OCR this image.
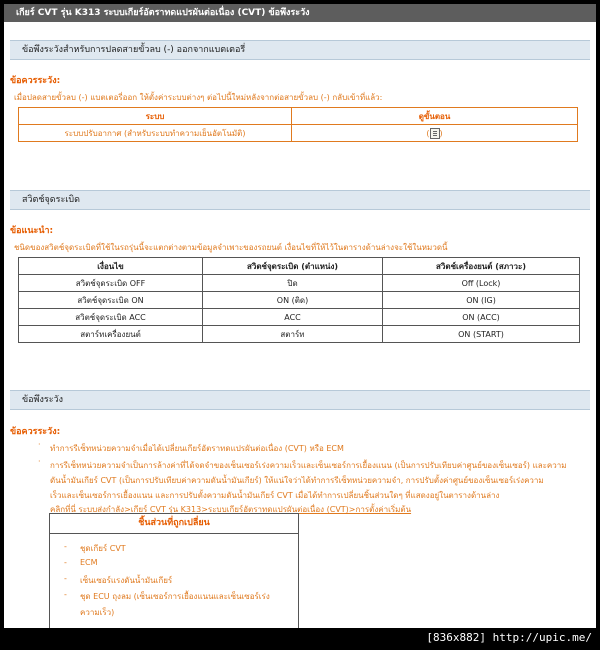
เกียร์ CVT รุ่น K313 ระบบเกียร์อัตราทดแปรผันต่อเนื่อง (CVT) ข้อพึงระวัง
ข้อพึงระวังสำหรับการปลดสายขั้วลบ (-) ออกจากแบตเตอรี่
ข้อควรระวัง:
เมื่อปลดสายขั้วลบ (-) แบตเตอรี่ออก ให้ตั้งค่าระบบต่างๆ ต่อไปนี้ใหม่หลังจากต่อสายขั้วลบ (-) กลับเข้าที่แล้ว:
ระบบ	ดูขั้นตอน
ระบบปรับอากาศ (สำหรับระบบทำความเย็นอัตโนมัติ)	( )
สวิตช์จุดระเบิด
ข้อแนะนำ:
ชนิดของสวิตช์จุดระเบิดที่ใช้ในรถรุ่นนี้จะแตกต่างตามข้อมูลจำเพาะของรถยนต์ เงื่อนไขที่ให้ไว้ในตารางด้านล่างจะใช้ในหมวดนี้
เงื่อนไข	สวิตช์จุดระเบิด (ตำแหน่ง)	สวิตช์เครื่องยนต์ (สภาวะ)
สวิตช์จุดระเบิด OFF	ปิด	Off (Lock)
สวิตช์จุดระเบิด ON	ON (ติด)	ON (IG)
สวิตช์จุดระเบิด ACC	ACC	ON (ACC)
สตาร์ทเครื่องยนต์	สตาร์ท	ON (START)
ข้อพึงระวัง
ข้อควรระวัง:
· ทำการรีเซ็ทหน่วยความจำเมื่อได้เปลี่ยนเกียร์อัตราทดแปรผันต่อเนื่อง (CVT) หรือ ECM
· การรีเซ็ทหน่วยความจำเป็นการล้างค่าที่ได้จดจำของเซ็นเซอร์เร่งความเร็วและเซ็นเซอร์การเยื้องแนน (เป็นการปรับเทียบค่าศูนย์ของเซ็นเซอร์) และความ
ดันน้ำมันเกียร์ CVT (เป็นการปรับเทียบค่าความดันน้ำมันเกียร์) ให้แน่ใจว่าได้ทำการรีเซ็ทหน่วยความจำ, การปรับตั้งค่าศูนย์ของเซ็นเซอร์เร่งความ
เร็วและเซ็นเซอร์การเยื้องแนน และการปรับตั้งความดันน้ำมันเกียร์ CVT เมื่อได้ทำการเปลี่ยนชิ้นส่วนใดๆ ที่แสดงอยู่ในตารางด้านล่าง
คลิกที่นี่ ระบบส่งกำลัง>เกียร์ CVT รุ่น K313>ระบบเกียร์อัตราทดแปรผันต่อเนื่อง (CVT)>การตั้งค่าเริ่มต้น
ชิ้นส่วนที่ถูกเปลี่ยน
- ชุดเกียร์ CVT
- ECM
- เซ็นเซอร์แรงดันน้ำมันเกียร์
- ชุด ECU ถุงลม (เซ็นเซอร์การเยื้องแนนและเซ็นเซอร์เร่ง
ความเร็ว)
[836x882] http://upic.me/
